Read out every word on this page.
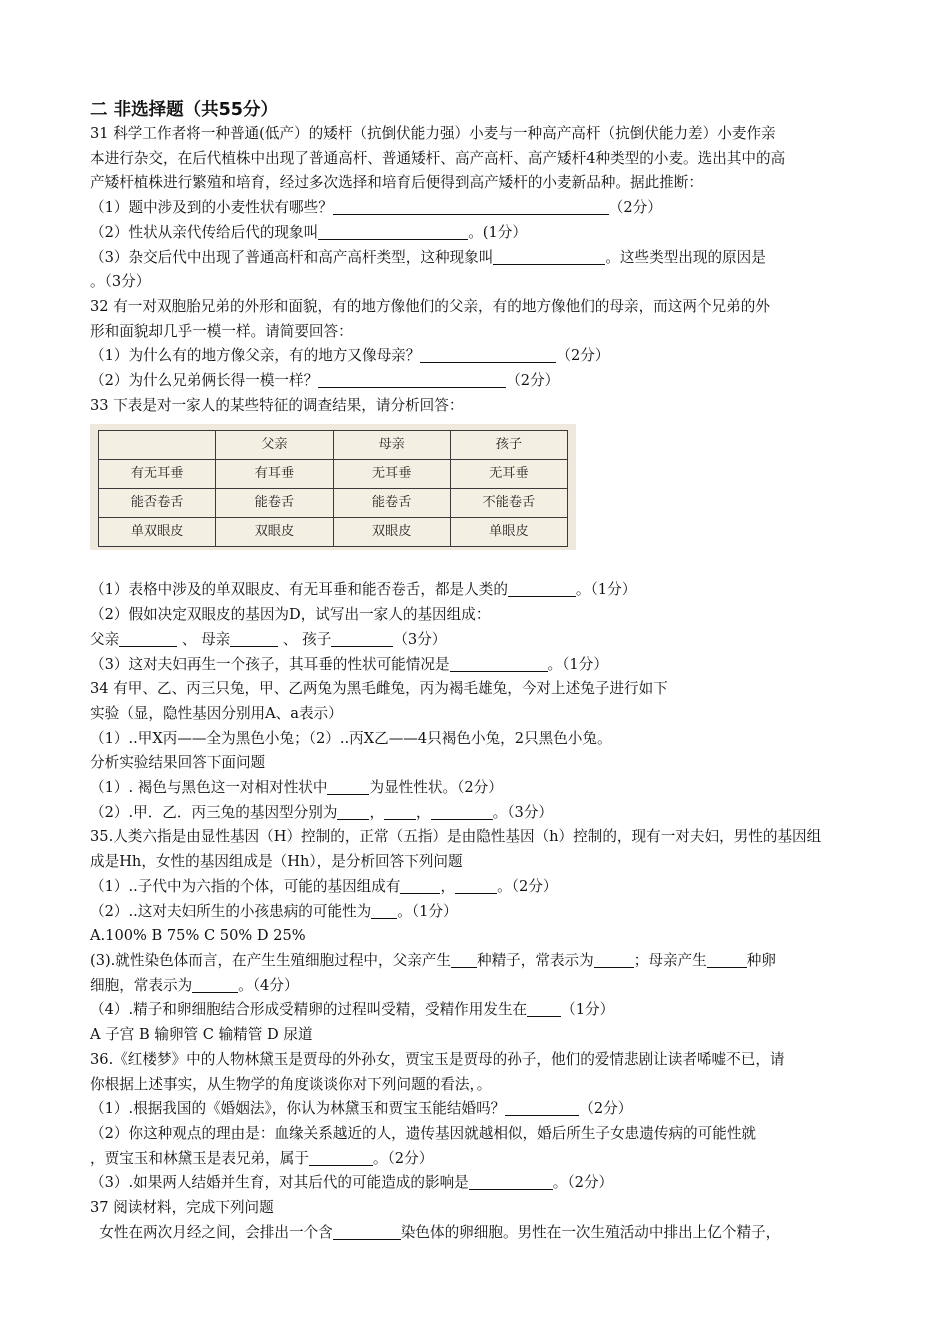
二 非选择题（共55分）

31 科学工作者将一种普通(低产）的矮杆（抗倒伏能力强）小麦与一种高产高杆（抗倒伏能力差）小麦作亲

本进行杂交，在后代植株中出现了普通高杆、普通矮杆、高产高杆、高产矮杆4种类型的小麦。选出其中的高

产矮杆植株进行繁殖和培育，经过多次选择和培育后便得到高产矮杆的小麦新品种。据此推断：

（1）题中涉及到的小麦性状有哪些？	（2分）

（2）性状从亲代传给后代的现象叫	。(1分）

（3）杂交后代中出现了普通高杆和高产高杆类型，这种现象叫	。这些类型出现的原因是

。（3分）

32 有一对双胞胎兄弟的外形和面貌，有的地方像他们的父亲，有的地方像他们的母亲，而这两个兄弟的外

形和面貌却几乎一模一样。请简要回答：

（1）为什么有的地方像父亲，有的地方又像母亲？	（2分）

（2）为什么兄弟俩长得一模一样？	（2分）

33 下表是对一家人的某些特征的调查结果，请分析回答：

	父亲	母亲	孩子
有无耳垂	有耳垂	无耳垂	无耳垂
能否卷舌	能卷舌	能卷舌	不能卷舌
单双眼皮	双眼皮	双眼皮	单眼皮

（1）表格中涉及的单双眼皮、有无耳垂和能否卷舌，都是人类的	。（1分）

（2）假如决定双眼皮的基因为D，试写出一家人的基因组成：

父亲	、 母亲	、 孩子	（3分）

（3）这对夫妇再生一个孩子，其耳垂的性状可能情况是	。（1分）

34 有甲、乙、丙三只兔，甲、乙两兔为黑毛雌兔，丙为褐毛雄兔，今对上述兔子进行如下

实验（显，隐性基因分别用A、a表示）

（1）..甲X丙——全为黑色小兔；（2）..丙X乙——4只褐色小兔，2只黑色小兔。

分析实验结果回答下面问题

（1）. 褐色与黑色这一对相对性状中	为显性性状。（2分）

（2）.甲．乙．丙三兔的基因型分别为 ， ，	。（3分）

35.人类六指是由显性基因（H）控制的，正常（五指）是由隐性基因（h）控制的，现有一对夫妇，男性的基因组

成是Hh，女性的基因组成是（Hh），是分析回答下列问题

（1）..子代中为六指的个体，可能的基因组成有	，	。（2分）

（2）..这对夫妇所生的小孩患病的可能性为 。（1分）

A.100% B 75% C 50% D 25%

(3).就性染色体而言，在产生生殖细胞过程中，父亲产生 种精子，常表示为	；母亲产生	种卵

细胞，常表示为	。（4分）

（4）.精子和卵细胞结合形成受精卵的过程叫受精，受精作用发生在 （1分）

A 子宫 B 输卵管 C 输精管 D 尿道

36.《红楼梦》中的人物林黛玉是贾母的外孙女，贾宝玉是贾母的孙子，他们的爱情悲剧让读者唏嘘不已，请

你根据上述事实，从生物学的角度谈谈你对下列问题的看法，。

（1）.根据我国的《婚姻法》，你认为林黛玉和贾宝玉能结婚吗？	（2分）

（2）你这种观点的理由是：血缘关系越近的人，遗传基因就越相似，婚后所生子女患遗传病的可能性就

，贾宝玉和林黛玉是表兄弟，属于	。（2分）

（3）.如果两人结婚并生育，对其后代的可能造成的影响是	。（2分）

37 阅读材料，完成下列问题

女性在两次月经之间，会排出一个含	染色体的卵细胞。男性在一次生殖活动中排出上亿个精子，
